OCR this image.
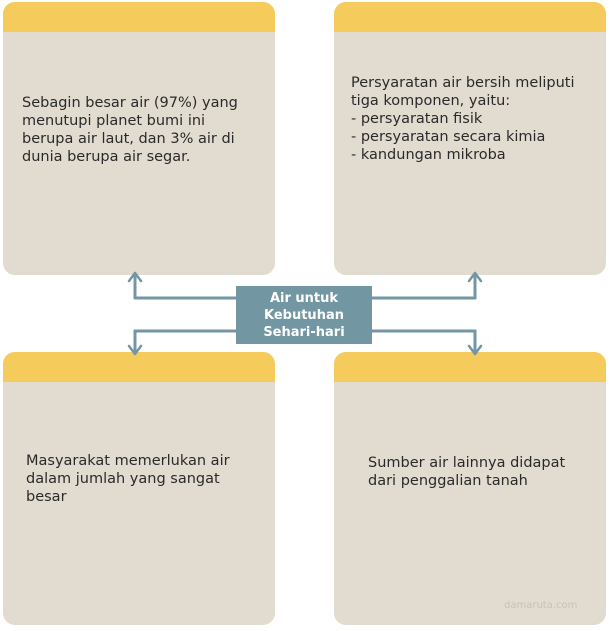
Sebagin besar air (97%) yang
menutupi planet bumi ini
berupa air laut, dan 3% air di
dunia berupa air segar.
Persyaratan air bersih meliputi
tiga komponen, yaitu:
- persyaratan fisik
- persyaratan secara kimia
- kandungan mikroba
Masyarakat memerlukan air
dalam jumlah yang sangat
besar
Sumber air lainnya didapat
dari penggalian tanah
Air untuk
Kebutuhan
Sehari-hari
damaruta.com
